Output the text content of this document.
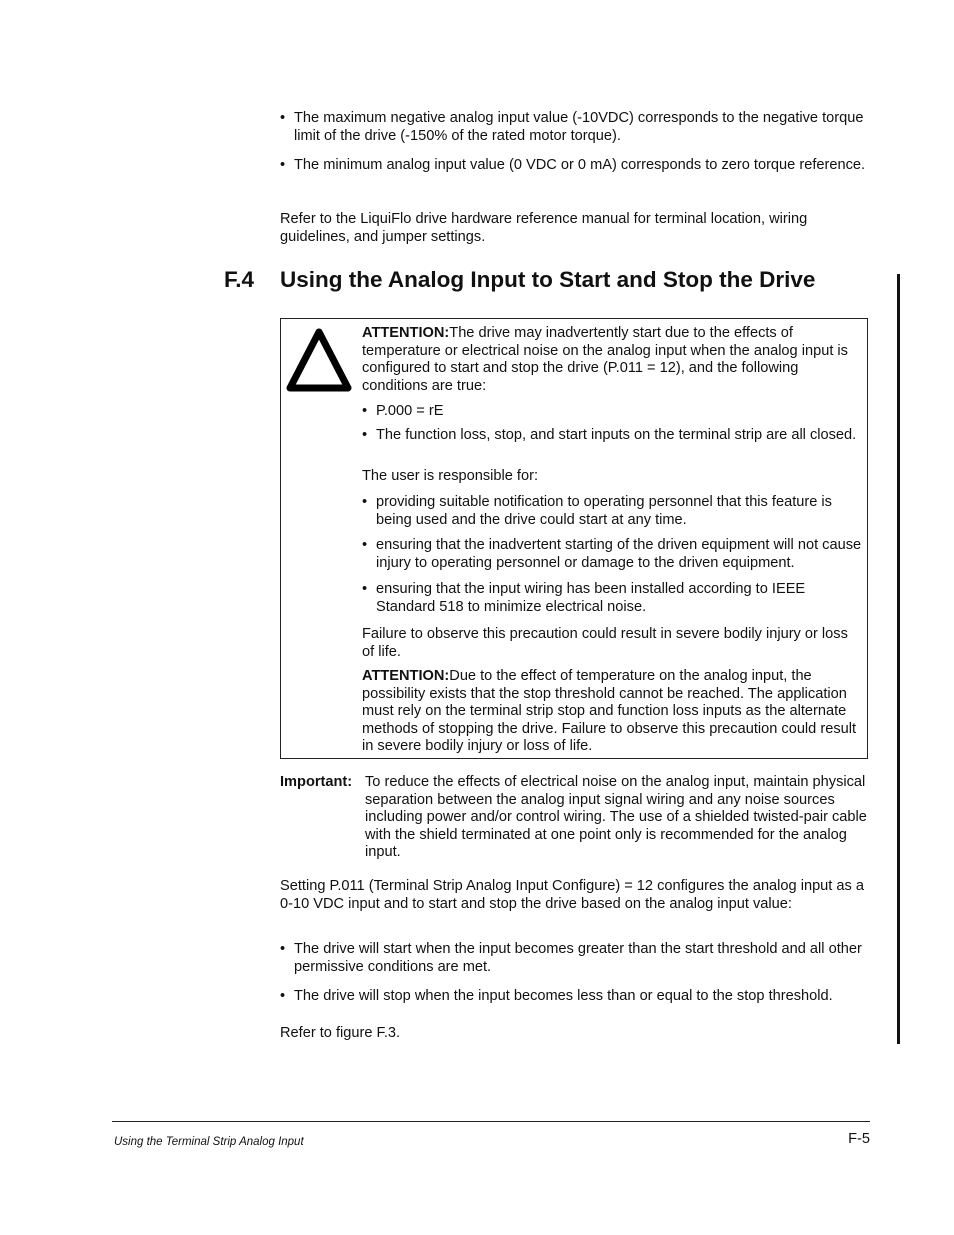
• The maximum negative analog input value (-10VDC) corresponds to the negative torque limit of the drive (-150% of the rated motor torque).
• The minimum analog input value (0 VDC or 0 mA) corresponds to zero torque reference.
Refer to the LiquiFlo drive hardware reference manual for terminal location, wiring guidelines, and jumper settings.
F.4 Using the Analog Input to Start and Stop the Drive
ATTENTION:The drive may inadvertently start due to the effects of temperature or electrical noise on the analog input when the analog input is configured to start and stop the drive (P.011 = 12), and the following conditions are true:
• P.000 = rE
• The function loss, stop, and start inputs on the terminal strip are all closed.
The user is responsible for:
• providing suitable notification to operating personnel that this feature is being used and the drive could start at any time.
• ensuring that the inadvertent starting of the driven equipment will not cause injury to operating personnel or damage to the driven equipment.
• ensuring that the input wiring has been installed according to IEEE Standard 518 to minimize electrical noise.
Failure to observe this precaution could result in severe bodily injury or loss of life.
ATTENTION:Due to the effect of temperature on the analog input, the possibility exists that the stop threshold cannot be reached. The application must rely on the terminal strip stop and function loss inputs as the alternate methods of stopping the drive. Failure to observe this precaution could result in severe bodily injury or loss of life.
Important: To reduce the effects of electrical noise on the analog input, maintain physical separation between the analog input signal wiring and any noise sources including power and/or control wiring. The use of a shielded twisted-pair cable with the shield terminated at one point only is recommended for the analog input.
Setting P.011 (Terminal Strip Analog Input Configure) = 12 configures the analog input as a 0-10 VDC input and to start and stop the drive based on the analog input value:
• The drive will start when the input becomes greater than the start threshold and all other permissive conditions are met.
• The drive will stop when the input becomes less than or equal to the stop threshold.
Refer to figure F.3.
Using the Terminal Strip Analog Input	F-5
